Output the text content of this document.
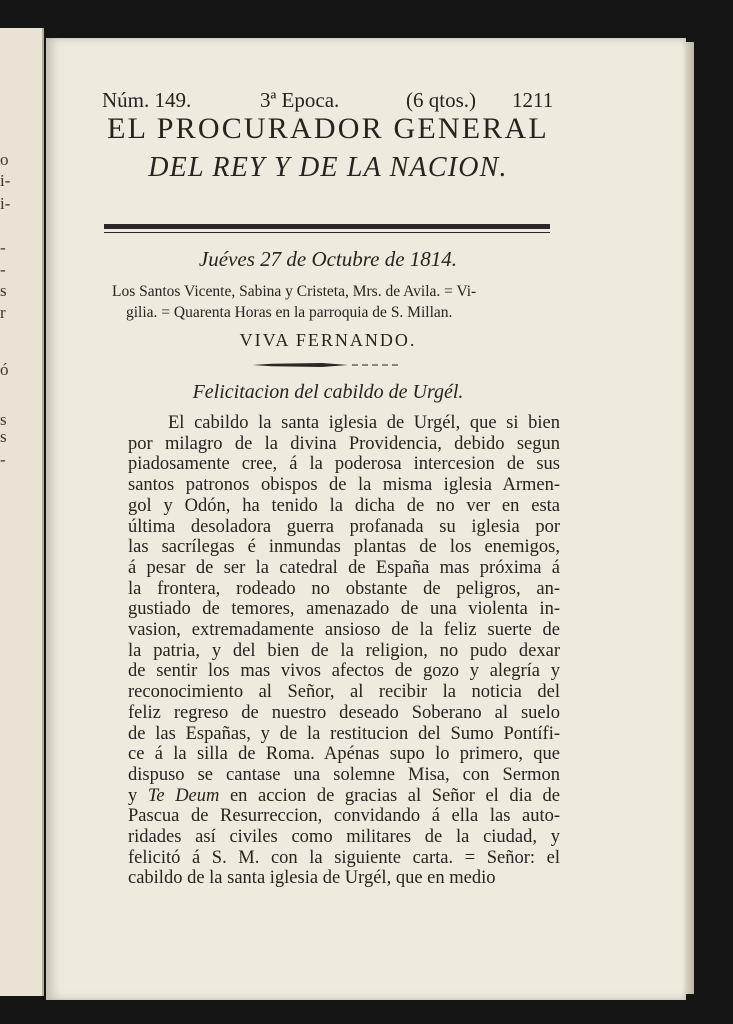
o
i-
i-
-
-
s
r
ó
s
s
-
Núm. 149.	3ª Epoca.	(6 qtos.) 1211
EL PROCURADOR GENERAL
DEL REY Y DE LA NACION.
Juéves 27 de Octubre de 1814.
Los Santos Vicente, Sabina y Cristeta, Mrs. de Avila. = Vi-
gilia. = Quarenta Horas en la parroquia de S. Millan.
VIVA FERNANDO.
Felicitacion del cabildo de Urgél.
El cabildo la santa iglesia de Urgél, que si bien
por milagro de la divina Providencia, debido segun
piadosamente cree, á la poderosa intercesion de sus
santos patronos obispos de la misma iglesia Armen-
gol y Odón, ha tenido la dicha de no ver en esta
última desoladora guerra profanada su iglesia por
las sacrílegas é inmundas plantas de los enemigos,
á pesar de ser la catedral de España mas próxima á
la frontera, rodeado no obstante de peligros, an-
gustiado de temores, amenazado de una violenta in-
vasion, extremadamente ansioso de la feliz suerte de
la patria, y del bien de la religion, no pudo dexar
de sentir los mas vivos afectos de gozo y alegría y
reconocimiento al Señor, al recibir la noticia del
feliz regreso de nuestro deseado Soberano al suelo
de las Españas, y de la restitucion del Sumo Pontífi-
ce á la silla de Roma. Apénas supo lo primero, que
dispuso se cantase una solemne Misa, con Sermon
y Te Deum en accion de gracias al Señor el dia de
Pascua de Resurreccion, convidando á ella las auto-
ridades así civiles como militares de la ciudad, y
felicitó á S. M. con la siguiente carta. = Señor: el
cabildo de la santa iglesia de Urgél, que en medio
